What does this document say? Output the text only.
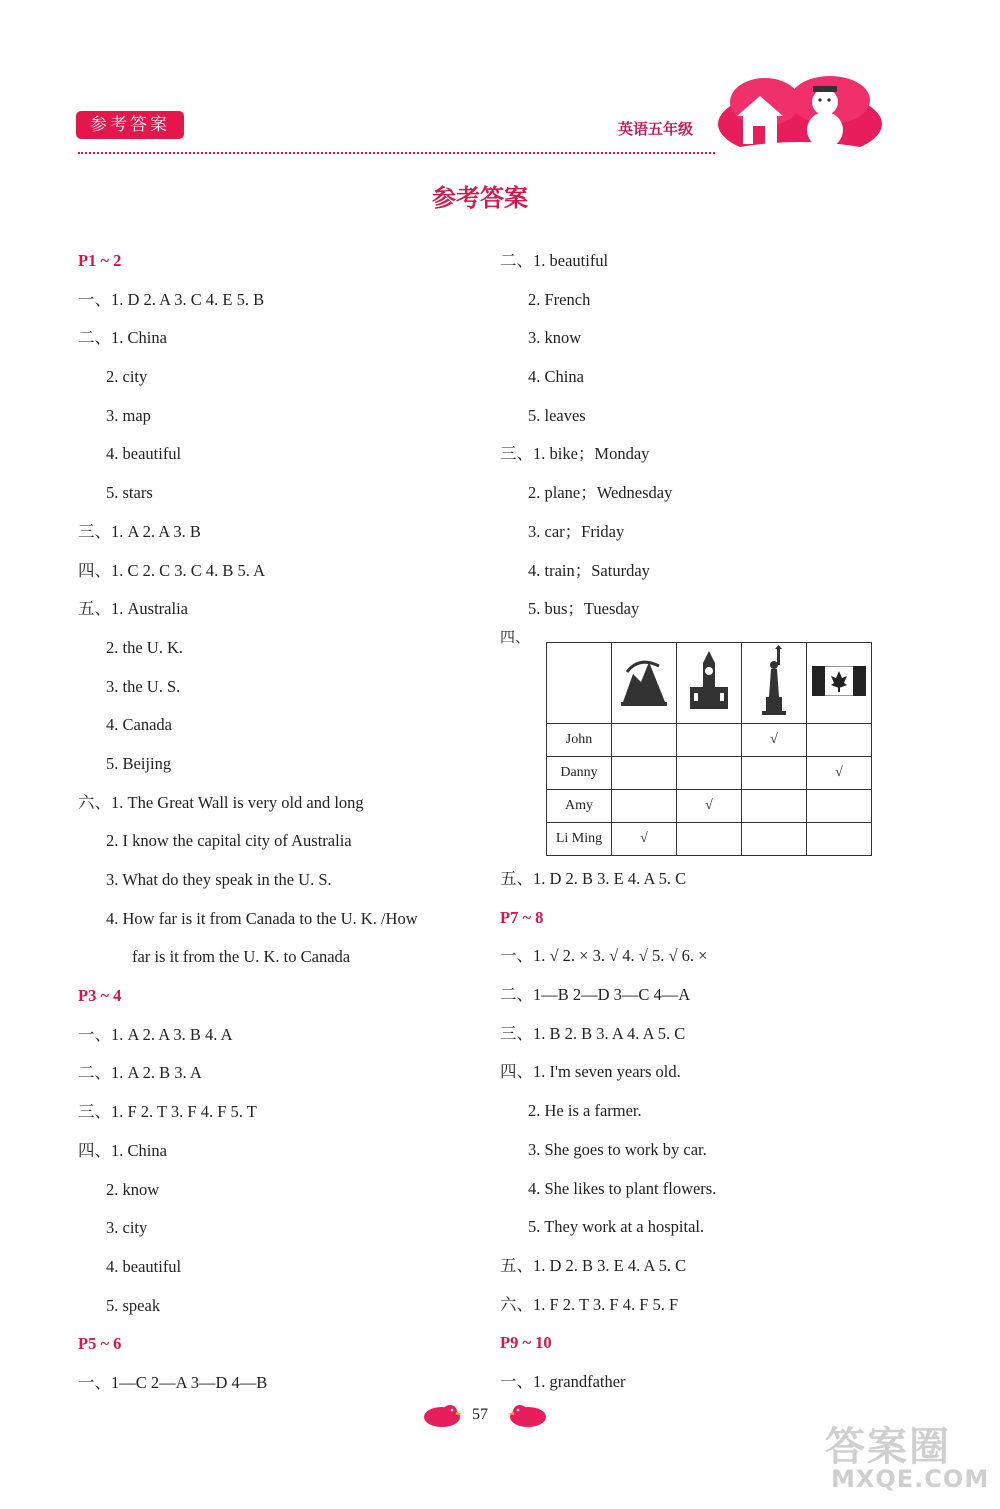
参考答案	英语五年级
参考答案
P1 ~ 2
一、1. D 2. A 3. C 4. E 5. B
二、1. China
2. city
3. map
4. beautiful
5. stars
三、1. A 2. A 3. B
四、1. C 2. C 3. C 4. B 5. A
五、1. Australia
2. the U. K.
3. the U. S.
4. Canada
5. Beijing
六、1. The Great Wall is very old and long
2. I know the capital city of Australia
3. What do they speak in the U. S.
4. How far is it from Canada to the U. K. /How
far is it from the U. K. to Canada
P3 ~ 4
一、1. A 2. A 3. B 4. A
二、1. A 2. B 3. A
三、1. F 2. T 3. F 4. F 5. T
四、1. China
2. know
3. city
4. beautiful
5. speak
P5 ~ 6
一、1—C 2—A 3—D 4—B
二、1. beautiful
2. French
3. know
4. China
5. leaves
三、1. bike；Monday
2. plane；Wednesday
3. car；Friday
4. train；Saturday
5. bus；Tuesday
四、

John			√	
Danny				√
Amy		√		
Li Ming	√			
五、1. D 2. B 3. E 4. A 5. C
P7 ~ 8
一、1. √ 2. × 3. √ 4. √ 5. √ 6. ×
二、1—B 2—D 3—C 4—A
三、1. B 2. B 3. A 4. A 5. C
四、1. I'm seven years old.
2. He is a farmer.
3. She goes to work by car.
4. She likes to plant flowers.
5. They work at a hospital.
五、1. D 2. B 3. E 4. A 5. C
六、1. F 2. T 3. F 4. F 5. F
P9 ~ 10
一、1. grandfather
57
答案圈
MXQE.COM
